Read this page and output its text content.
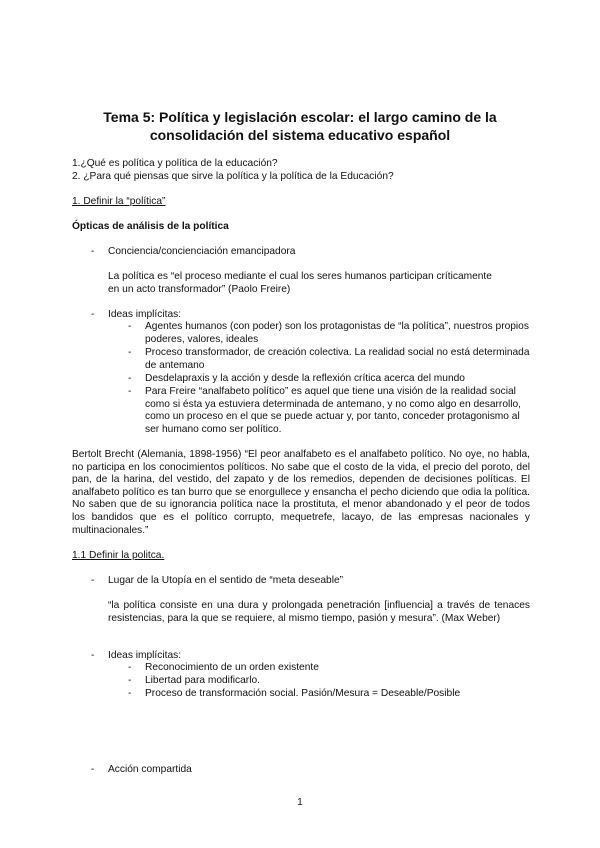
Tema 5: Política y legislación escolar: el largo camino de la
consolidación del sistema educativo español
1.¿Qué es política y política de la educación?
2. ¿Para qué piensas que sirve la política y la política de la Educación?
1. Definir la “política”
Ópticas de análisis de la política
- Conciencia/concienciación emancipadora
La política es “el proceso mediante el cual los seres humanos participan críticamente
en un acto transformador” (Paolo Freire)
- Ideas implícitas:
- Agentes humanos (con poder) son los protagonistas de “la política”, nuestros propios poderes, valores, ideales
- Proceso transformador, de creación colectiva. La realidad social no está determinada de antemano
- Desdelapraxis y la acción y desde la reflexión crítica acerca del mundo
- Para Freire “analfabeto político” es aquel que tiene una visión de la realidad social como si ésta ya estuviera determinada de antemano, y no como algo en desarrollo, como un proceso en el que se puede actuar y, por tanto, conceder protagonismo al ser humano como ser político.
Bertolt Brecht (Alemania, 1898-1956) “El peor analfabeto es el analfabeto político. No oye, no habla, no participa en los conocimientos políticos. No sabe que el costo de la vida, el precio del poroto, del pan, de la harina, del vestido, del zapato y de los remedios, dependen de decisiones políticas. El analfabeto político es tan burro que se enorgullece y ensancha el pecho diciendo que odia la política. No saben que de su ignorancia política nace la prostituta, el menor abandonado y el peor de todos los bandidos que es el político corrupto, mequetrefe, lacayo, de las empresas nacionales y multinacionales.”
1.1 Definir la politca.
- Lugar de la Utopía en el sentido de “meta deseable”
“la política consiste en una dura y prolongada penetración [influencia] a través de tenaces resistencias, para la que se requiere, al mismo tiempo, pasión y mesura”. (Max Weber)
- Ideas implícitas:
- Reconocimiento de un orden existente
- Libertad para modificarlo.
- Proceso de transformación social. Pasión/Mesura = Deseable/Posible
- Acción compartida
1
